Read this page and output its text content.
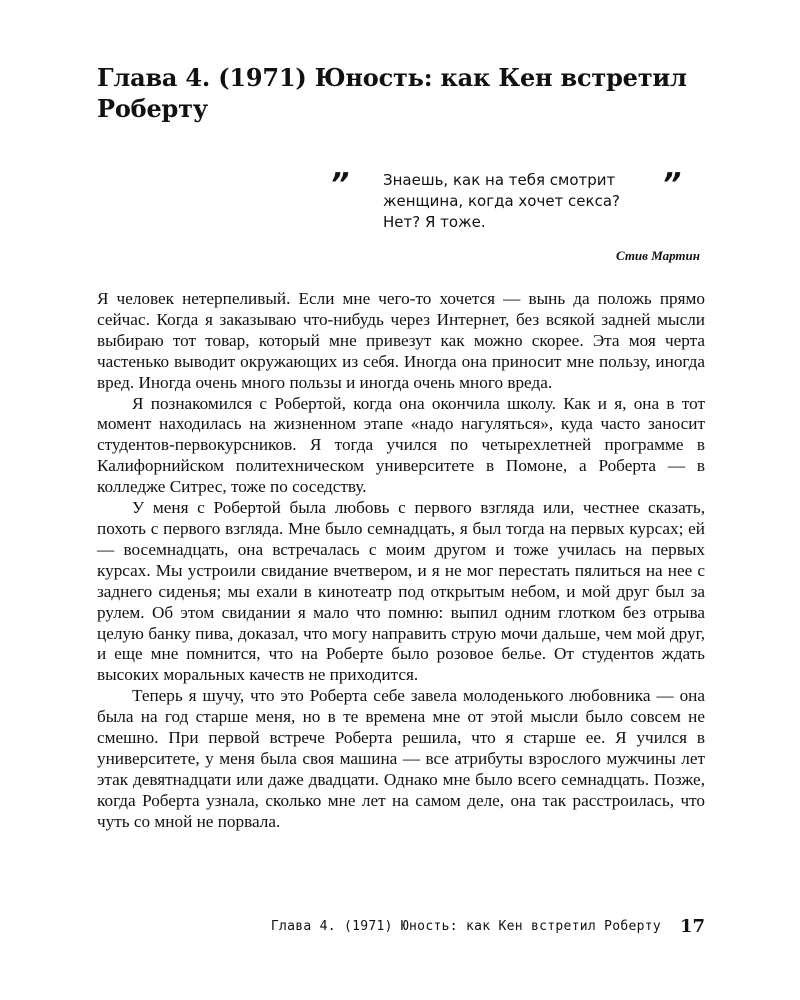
Глава 4. (1971) Юность: как Кен встретил Роберту
” Знаешь, как на тебя смотрит женщина, когда хочет секса? Нет? Я тоже.
”
Стив Мартин

Я человек нетерпеливый. Если мне чего-то хочется — вынь да положь прямо сейчас. Когда я заказываю что-нибудь через Интернет, без всякой задней мысли выбираю тот товар, который мне привезут как можно скорее. Эта моя черта частенько выводит окружающих из себя. Иногда она приносит мне пользу, иногда вред. Иногда очень много пользы и иногда очень много вреда.

Я познакомился с Робертой, когда она окончила школу. Как и я, она в тот момент находилась на жизненном этапе «надо нагуляться», куда часто заносит студентов-первокурсников. Я тогда учился по четырехлетней программе в Калифорнийском политехническом университете в Помоне, а Роберта — в колледже Ситрес, тоже по соседству.

У меня с Робертой была любовь с первого взгляда или, честнее сказать, похоть с первого взгляда. Мне было семнадцать, я был тогда на первых курсах; ей — восемнадцать, она встречалась с моим другом и тоже училась на первых курсах. Мы устроили свидание вчетвером, и я не мог перестать пялиться на нее с заднего сиденья; мы ехали в кинотеатр под открытым небом, и мой друг был за рулем. Об этом свидании я мало что помню: выпил одним глотком без отрыва целую банку пива, доказал, что могу направить струю мочи дальше, чем мой друг, и еще мне помнится, что на Роберте было розовое белье. От студентов ждать высоких моральных качеств не приходится.

Теперь я шучу, что это Роберта себе завела молоденького любовника — она была на год старше меня, но в те времена мне от этой мысли было совсем не смешно. При первой встрече Роберта решила, что я старше ее. Я учился в университете, у меня была своя машина — все атрибуты взрослого мужчины лет этак девятнадцати или даже двадцати. Однако мне было всего семнадцать. Позже, когда Роберта узнала, сколько мне лет на самом деле, она так расстроилась, что чуть со мной не порвала.

Глава 4. (1971) Юность: как Кен встретил Роберту 17
